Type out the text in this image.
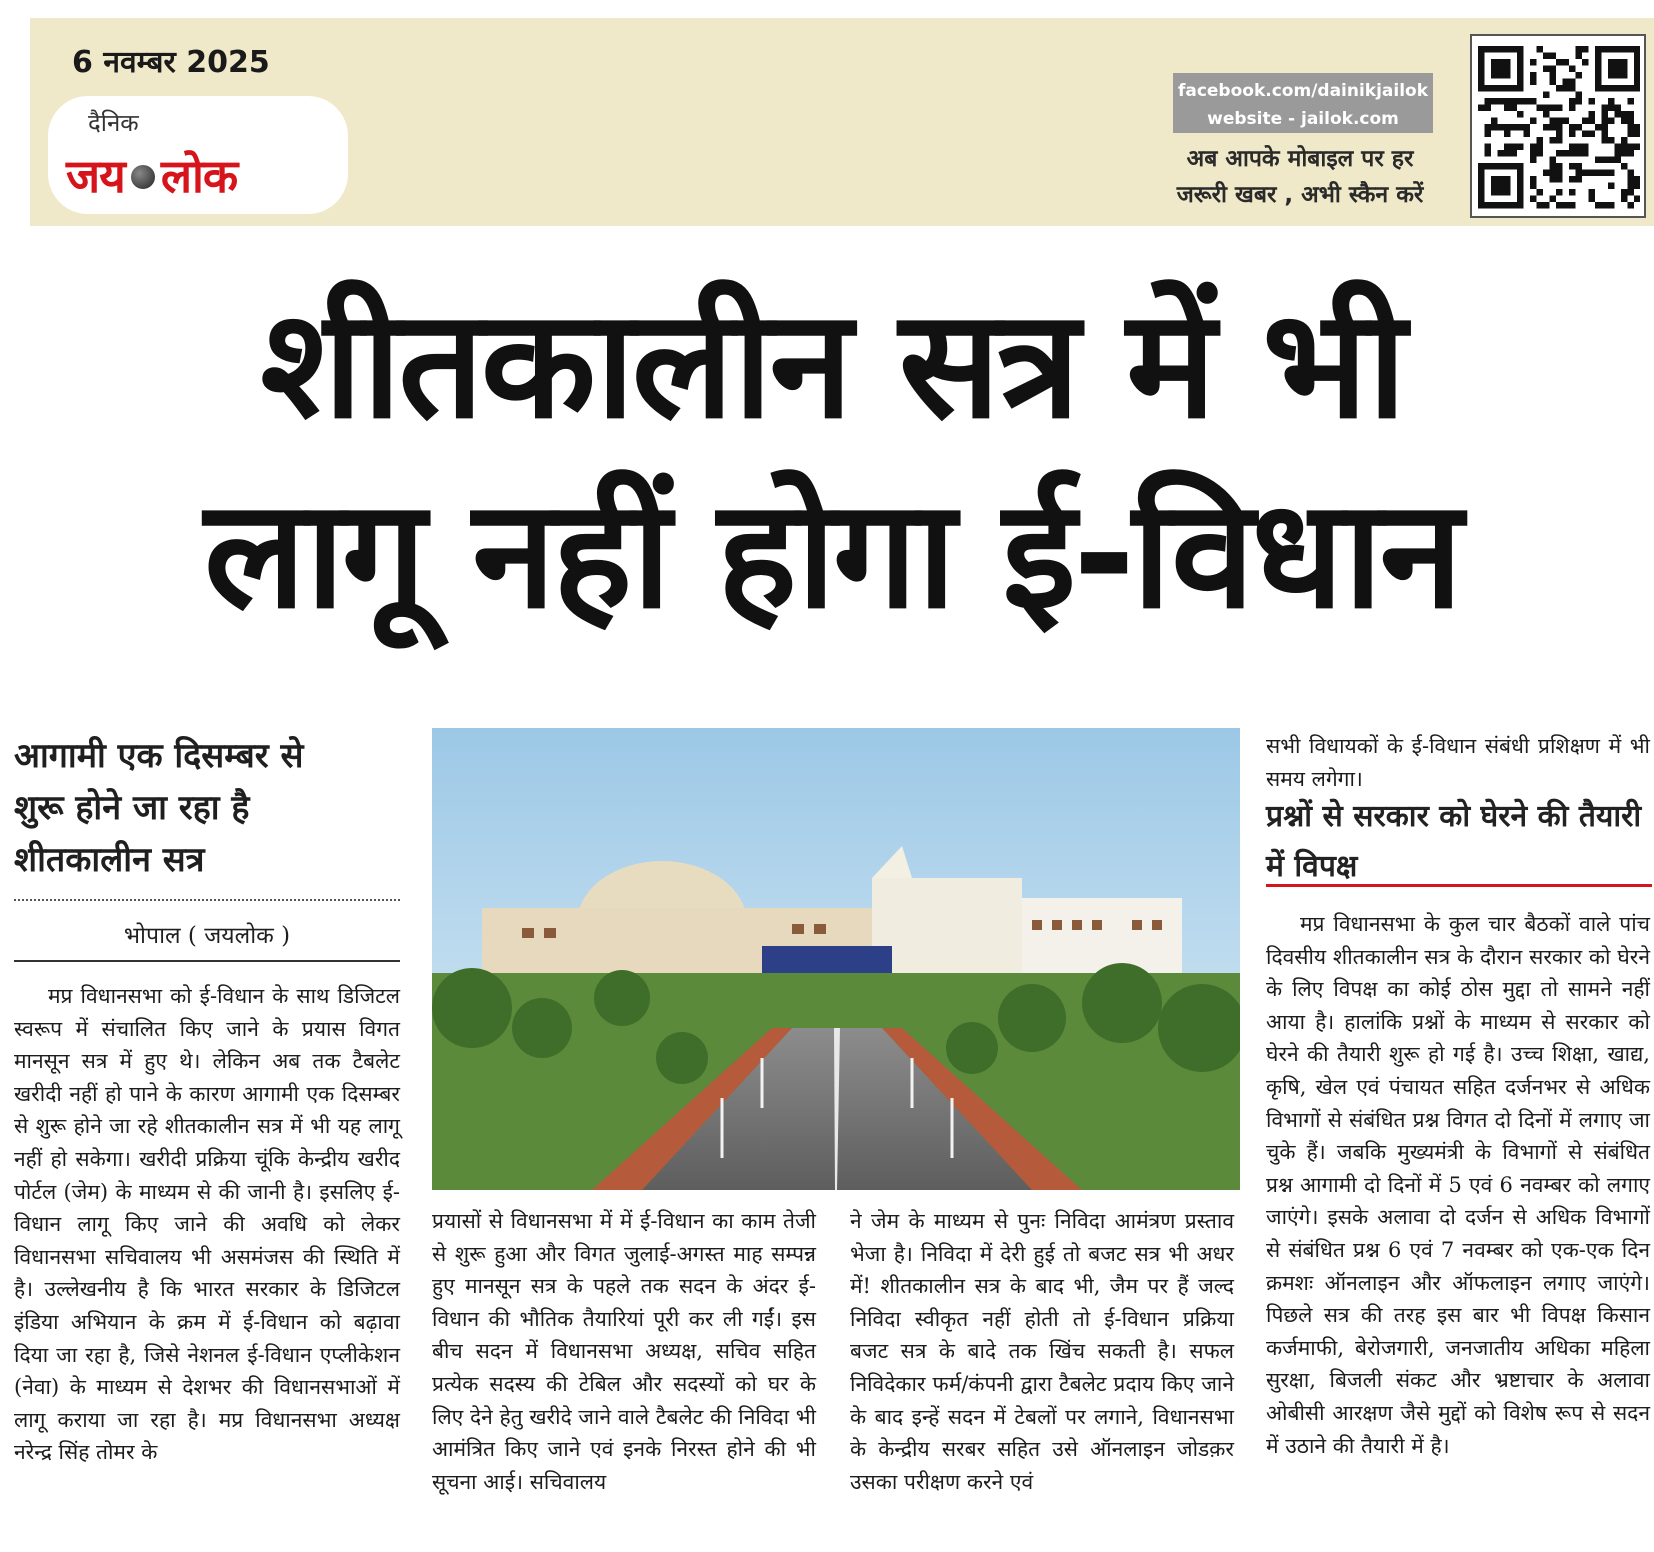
6 नवम्बर 2025
दैनिक
जय लोक
facebook.com/dainikjailok
website - jailok.com
अब आपके मोबाइल पर हर
जरूरी खबर , अभी स्कैन करें
शीतकालीन सत्र में भी
लागू नहीं होगा ई-विधान
आगामी एक दिसम्बर से
शुरू होने जा रहा है
शीतकालीन सत्र
भोपाल ( जयलोक )
मप्र विधानसभा को ई-विधान के साथ डिजिटल स्वरूप में संचालित किए जाने के प्रयास विगत मानसून सत्र में हुए थे। लेकिन अब तक टैबलेट खरीदी नहीं हो पाने के कारण आगामी एक दिसम्बर से शुरू होने जा रहे शीतकालीन सत्र में भी यह लागू नहीं हो सकेगा। खरीदी प्रक्रिया चूंकि केन्द्रीय खरीद पोर्टल (जेम) के माध्यम से की जानी है। इसलिए ई-विधान लागू किए जाने की अवधि को लेकर विधानसभा सचिवालय भी असमंजस की स्थिति में है। उल्लेखनीय है कि भारत सरकार के डिजिटल इंडिया अभियान के क्रम में ई-विधान को बढ़ावा दिया जा रहा है, जिसे नेशनल ई-विधान एप्लीकेशन (नेवा) के माध्यम से देशभर की विधानसभाओं में लागू कराया जा रहा है। मप्र विधानसभा अध्यक्ष नरेन्द्र सिंह तोमर के
प्रयासों से विधानसभा में में ई-विधान का काम तेजी से शुरू हुआ और विगत जुलाई-अगस्त माह सम्पन्न हुए मानसून सत्र के पहले तक सदन के अंदर ई-विधान की भौतिक तैयारियां पूरी कर ली गईं। इस बीच सदन में विधानसभा अध्यक्ष, सचिव सहित प्रत्येक सदस्य की टेबिल और सदस्यों को घर के लिए देने हेतु खरीदे जाने वाले टैबलेट की निविदा भी आमंत्रित किए जाने एवं इनके निरस्त होने की भी सूचना आई। सचिवालय
ने जेम के माध्यम से पुनः निविदा आमंत्रण प्रस्ताव भेजा है। निविदा में देरी हुई तो बजट सत्र भी अधर में! शीतकालीन सत्र के बाद भी, जैम पर हैं जल्द निविदा स्वीकृत नहीं होती तो ई-विधान प्रक्रिया बजट सत्र के बादे तक खिंच सकती है। सफल निविदेकार फर्म/कंपनी द्वारा टैबलेट प्रदाय किए जाने के बाद इन्हें सदन में टेबलों पर लगाने, विधानसभा के केन्द्रीय सरबर सहित उसे ऑनलाइन जोडक़र उसका परीक्षण करने एवं
सभी विधायकों के ई-विधान संबंधी प्रशिक्षण में भी समय लगेगा।
प्रश्नों से सरकार को घेरने की तैयारी में विपक्ष
मप्र विधानसभा के कुल चार बैठकों वाले पांच दिवसीय शीतकालीन सत्र के दौरान सरकार को घेरने के लिए विपक्ष का कोई ठोस मुद्दा तो सामने नहीं आया है। हालांकि प्रश्नों के माध्यम से सरकार को घेरने की तैयारी शुरू हो गई है। उच्च शिक्षा, खाद्य, कृषि, खेल एवं पंचायत सहित दर्जनभर से अधिक विभागों से संबंधित प्रश्न विगत दो दिनों में लगाए जा चुके हैं। जबकि मुख्यमंत्री के विभागों से संबंधित प्रश्न आगामी दो दिनों में 5 एवं 6 नवम्बर को लगाए जाएंगे। इसके अलावा दो दर्जन से अधिक विभागों से संबंधित प्रश्न 6 एवं 7 नवम्बर को एक-एक दिन क्रमशः ऑनलाइन और ऑफलाइन लगाए जाएंगे। पिछले सत्र की तरह इस बार भी विपक्ष किसान कर्जमाफी, बेरोजगारी, जनजातीय अधिका महिला सुरक्षा, बिजली संकट और भ्रष्टाचार के अलावा ओबीसी आरक्षण जैसे मुद्दों को विशेष रूप से सदन में उठाने की तैयारी में है।
